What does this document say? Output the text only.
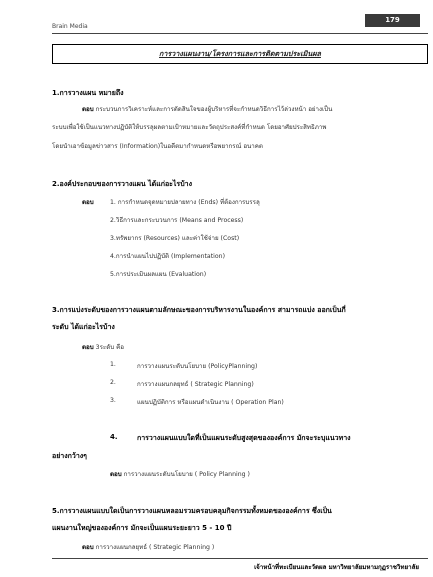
Brain Media
179
การวางแผนงาน/โครงการและการติดตามประเมินผล
1.การวางแผน หมายถึง
ตอบ กระบวนการวิเคราะห์และการตัดสินใจของผู้บริหารที่จะกำหนดวิธีการไว้ล่วงหน้า อย่างเป็น
ระบบเพื่อใช้เป็นแนวทางปฏิบัติให้บรรลุผลตามเป้าหมายและวัตถุประสงค์ที่กำหนด โดยอาศัยประสิทธิภาพ
โดยนำเอาข้อมูลข่าวสาร (Information)ในอดีตมากำหนดหรือพยากรณ์ อนาคต
2.องค์ประกอบของการวางแผน ได้แก่อะไรบ้าง
ตอบ	1. การกำหนดจุดหมายปลายทาง (Ends) ที่ต้องการบรรลุ
2.วิธีการและกระบวนการ (Means and Process)
3.ทรัพยากร (Resources) และค่าใช้จ่าย (Cost)
4.การนำแผนไปปฏิบัติ (Implementation)
5.การประเมินผลแผน (Evaluation)
3.การแบ่งระดับของการวางแผนตามลักษณะของการบริหารงานในองค์การ สามารถแบ่ง ออกเป็นกี่
ระดับ ได้แก่อะไรบ้าง
ตอบ 3ระดับ คือ
1.	การวางแผนระดับนโยบาย (PolicyPlanning)
2.	การวางแผนกลยุทธ์ ( Strategic Planning)
3.	แผนปฏิบัติการ หรือแผนดำเนินงาน ( Operation Plan)
4.	การวางแผนแบบใดที่เป็นแผนระดับสูงสุดขององค์การ มักจะระบุแนวทาง
อย่างกว้างๆ
ตอบ การวางแผนระดับนโยบาย ( Policy Planning )
5.การวางแผนแบบใดเป็นการวางแผนหลอมรวมครอบคลุมกิจกรรมทั้งหมดขององค์การ ซึ่งเป็น
แผนงานใหญ่ขององค์การ มักจะเป็นแผนระยะยาว 5 - 10 ปี
ตอบ การวางแผนกลยุทธ์ ( Strategic Planning )
เจ้าหน้าที่ทะเบียนและวัดผล มหาวิทยาลัยมหามกุฏราชวิทยาลัย
